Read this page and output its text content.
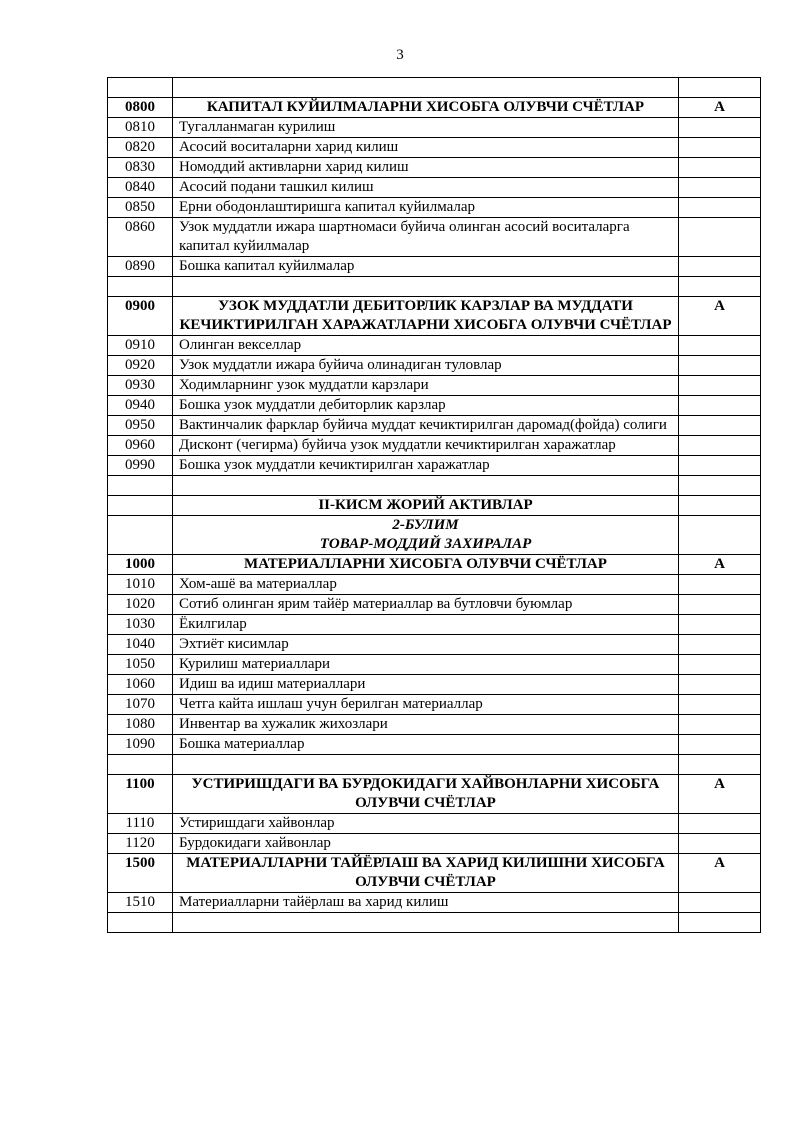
3

0800	КАПИТАЛ КУЙИЛМАЛАРНИ ХИСОБГА ОЛУВЧИ СЧЁТЛАР	А
0810	Тугалланмаган курилиш	
0820	Асосий воситаларни харид килиш	
0830	Номоддий активларни харид килиш	
0840	Асосий подани ташкил килиш	
0850	Ерни ободонлаштиришга капитал куйилмалар	
0860	Узок муддатли ижара шартномаси буйича олинган асосий воситаларга капитал куйилмалар	
0890	Бошка капитал куйилмалар	

0900	УЗОК МУДДАТЛИ ДЕБИТОРЛИК КАРЗЛАР ВА МУДДАТИ КЕЧИКТИРИЛГАН ХАРАЖАТЛАРНИ ХИСОБГА ОЛУВЧИ СЧЁТЛАР	А
0910	Олинган векселлар	
0920	Узок муддатли ижара буйича олинадиган туловлар	
0930	Ходимларнинг узок муддатли карзлари	
0940	Бошка узок муддатли дебиторлик карзлар	
0950	Вактинчалик фарклар буйича муддат кечиктирилган даромад(фойда) солиги	
0960	Дисконт (чегирма) буйича узок муддатли кечиктирилган харажатлар	
0990	Бошка узок муддатли кечиктирилган харажатлар	

	II-КИСМ ЖОРИЙ АКТИВЛАР	

	2-БУЛИМ
ТОВАР-МОДДИЙ ЗАХИРАЛАР	

1000	МАТЕРИАЛЛАРНИ ХИСОБГА ОЛУВЧИ СЧЁТЛАР	А
1010	Хом-ашё ва материаллар	
1020	Сотиб олинган ярим тайёр материаллар ва бутловчи буюмлар	
1030	Ёкилгилар	
1040	Эхтиёт кисимлар	
1050	Курилиш материаллари	
1060	Идиш ва идиш материаллари	
1070	Четга кайта ишлаш учун берилган материаллар	
1080	Инвентар ва хужалик жихозлари	
1090	Бошка материаллар	

1100	УСТИРИШДАГИ ВА БУРДОКИДАГИ ХАЙВОНЛАРНИ ХИСОБГА ОЛУВЧИ СЧЁТЛАР	А
1110	Устиришдаги хайвонлар	
1120	Бурдокидаги хайвонлар	
1500	МАТЕРИАЛЛАРНИ ТАЙЁРЛАШ ВА ХАРИД КИЛИШНИ ХИСОБГА ОЛУВЧИ СЧЁТЛАР	А
1510	Материалларни тайёрлаш ва харид килиш	
